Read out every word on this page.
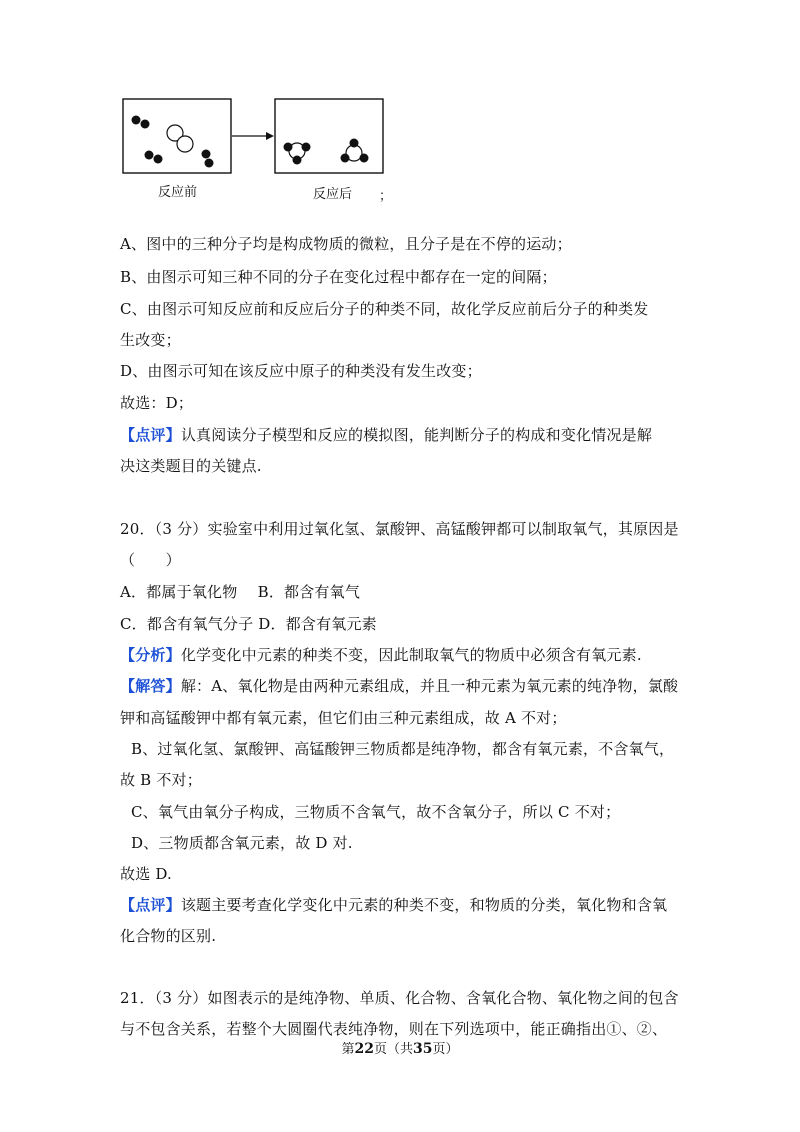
反应前	反应后 ；
A、图中的三种分子均是构成物质的微粒，且分子是在不停的运动；
B、由图示可知三种不同的分子在变化过程中都存在一定的间隔；
C、由图示可知反应前和反应后分子的种类不同，故化学反应前后分子的种类发
生改变；
D、由图示可知在该反应中原子的种类没有发生改变；
故选：D；
【点评】认真阅读分子模型和反应的模拟图，能判断分子的构成和变化情况是解
决这类题目的关键点.
20．（3 分）实验室中利用过氧化氢、氯酸钾、高锰酸钾都可以制取氧气，其原因是
（　　）
A．都属于氧化物　 B．都含有氧气
C．都含有氧气分子 D．都含有氧元素
【分析】化学变化中元素的种类不变，因此制取氧气的物质中必须含有氧元素.
【解答】解：A、氧化物是由两种元素组成，并且一种元素为氧元素的纯净物，氯酸
钾和高锰酸钾中都有氧元素，但它们由三种元素组成，故 A 不对；
B、过氧化氢、氯酸钾、高锰酸钾三物质都是纯净物，都含有氧元素，不含氧气，
故 B 不对；
C、氧气由氧分子构成，三物质不含氧气，故不含氧分子，所以 C 不对；
D、三物质都含氧元素，故 D 对.
故选 D.
【点评】该题主要考查化学变化中元素的种类不变，和物质的分类，氧化物和含氧
化合物的区别.
21．（3 分）如图表示的是纯净物、单质、化合物、含氧化合物、氧化物之间的包含
与不包含关系，若整个大圆圈代表纯净物，则在下列选项中，能正确指出①、②、
第22页（共35页）
